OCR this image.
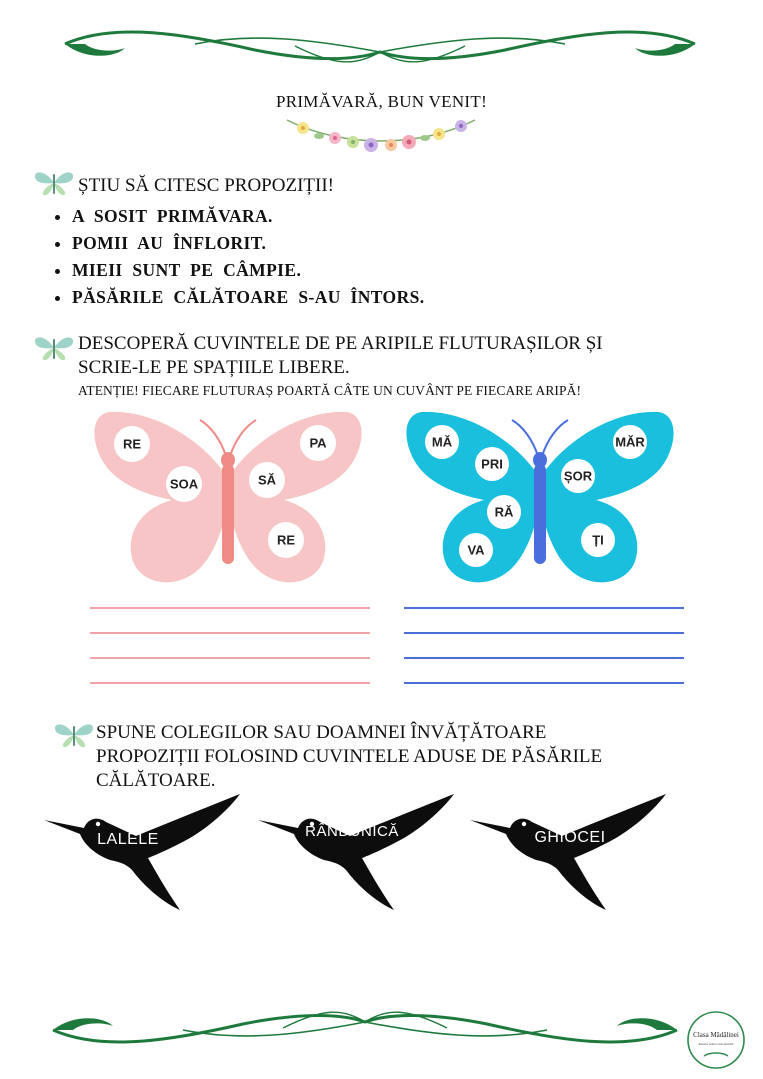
PRIMĂVARĂ, BUN VENIT!
ȘTIU SĂ CITESC PROPOZIȚII!
• A SOSIT PRIMĂVARA.
• POMII AU ÎNFLORIT.
• MIEII SUNT PE CÂMPIE.
• PĂSĂRILE CĂLĂTOARE S-AU ÎNTORS.
DESCOPERĂ CUVINTELE DE PE ARIPILE FLUTURAȘILOR ȘI
SCRIE-LE PE SPAȚIILE LIBERE.
ATENȚIE! FIECARE FLUTURAȘ POARTĂ CÂTE UN CUVÂNT PE FIECARE ARIPĂ!
RE
SOA	SĂ
PA
RE
MĂ
PRI
RĂ
VA
MĂR
ȘOR
ȚI
SPUNE COLEGILOR SAU DOAMNEI ÎNVĂȚĂTOARE
PROPOZIȚII FOLOSIND CUVINTELE ADUSE DE PĂSĂRILE
CĂLĂTOARE.
LALELE	RÂNDUNICĂ	GHIOCEI
Clasa Mădălinei
Resurse pentru clasa primară
